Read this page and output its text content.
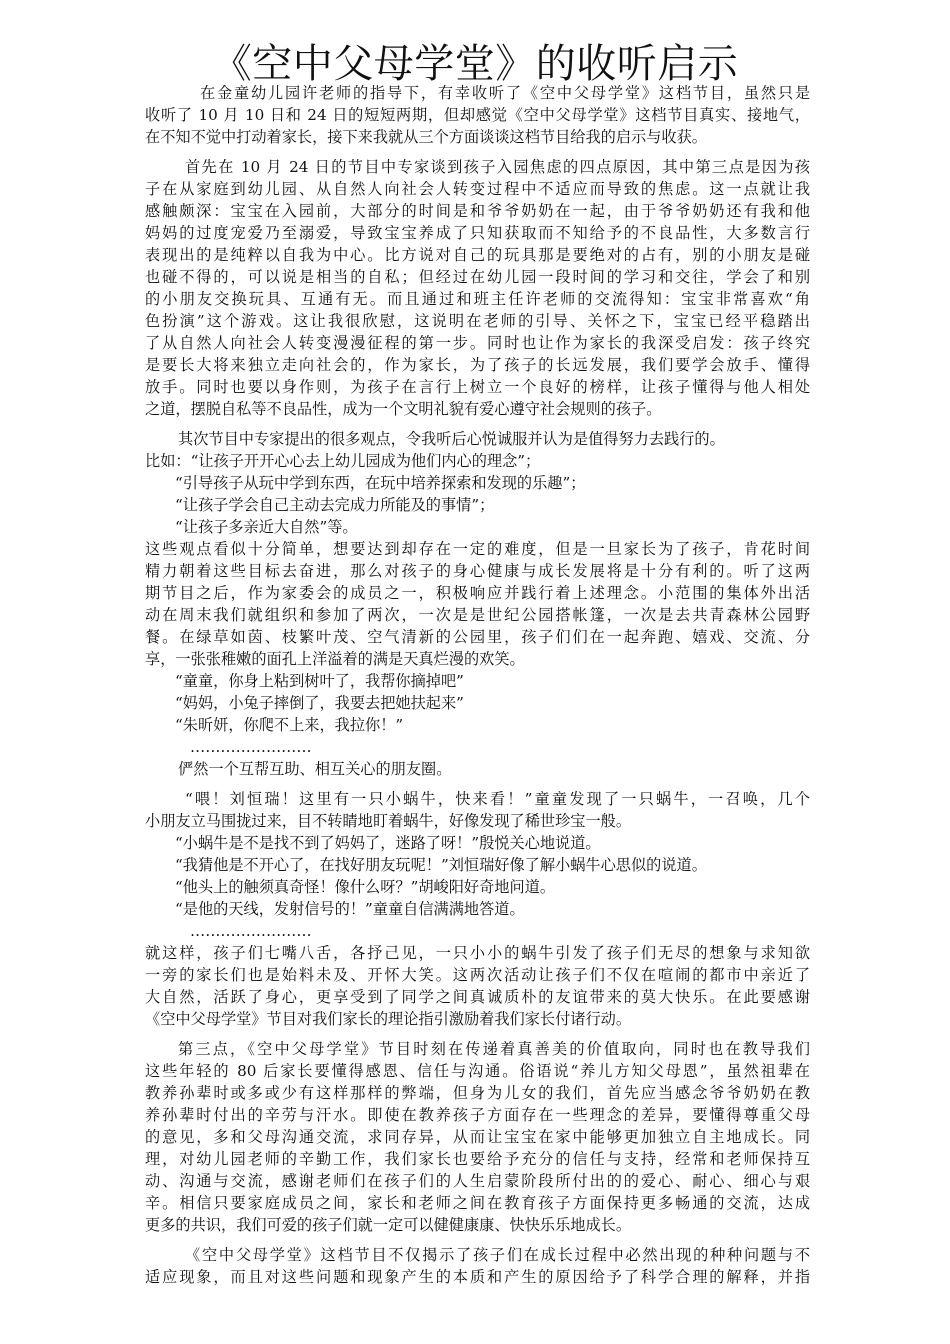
《空中父母学堂》的收听启示
在金童幼儿园许老师的指导下，有幸收听了《空中父母学堂》这档节目，虽然只是
收听了 10 月 10 日和 24 日的短短两期，但却感觉《空中父母学堂》这档节目真实、接地气，
在不知不觉中打动着家长，接下来我就从三个方面谈谈这档节目给我的启示与收获。
首先在 10 月 24 日的节目中专家谈到孩子入园焦虑的四点原因，其中第三点是因为孩
子在从家庭到幼儿园、从自然人向社会人转变过程中不适应而导致的焦虑。这一点就让我
感触颇深：宝宝在入园前，大部分的时间是和爷爷奶奶在一起，由于爷爷奶奶还有我和他
妈妈的过度宠爱乃至溺爱，导致宝宝养成了只知获取而不知给予的不良品性，大多数言行
表现出的是纯粹以自我为中心。比方说对自己的玩具那是要绝对的占有，别的小朋友是碰
也碰不得的，可以说是相当的自私；但经过在幼儿园一段时间的学习和交往，学会了和别
的小朋友交换玩具、互通有无。而且通过和班主任许老师的交流得知：宝宝非常喜欢“角
色扮演”这个游戏。这让我很欣慰，这说明在老师的引导、关怀之下，宝宝已经平稳踏出
了从自然人向社会人转变漫漫征程的第一步。同时也让作为家长的我深受启发：孩子终究
是要长大将来独立走向社会的，作为家长，为了孩子的长远发展，我们要学会放手、懂得
放手。同时也要以身作则，为孩子在言行上树立一个良好的榜样，让孩子懂得与他人相处
之道，摆脱自私等不良品性，成为一个文明礼貌有爱心遵守社会规则的孩子。
其次节目中专家提出的很多观点，令我听后心悦诚服并认为是值得努力去践行的。
比如：“让孩子开开心心去上幼儿园成为他们内心的理念”；
“引导孩子从玩中学到东西，在玩中培养探索和发现的乐趣”；
“让孩子学会自己主动去完成力所能及的事情”；
“让孩子多亲近大自然”等。
这些观点看似十分简单，想要达到却存在一定的难度，但是一旦家长为了孩子，肯花时间
精力朝着这些目标去奋进，那么对孩子的身心健康与成长发展将是十分有利的。听了这两
期节目之后，作为家委会的成员之一，积极响应并践行着上述理念。小范围的集体外出活
动在周末我们就组织和参加了两次，一次是是世纪公园搭帐篷，一次是去共青森林公园野
餐。在绿草如茵、枝繁叶茂、空气清新的公园里，孩子们们在一起奔跑、嬉戏、交流、分
享，一张张稚嫩的面孔上洋溢着的满是天真烂漫的欢笑。
“童童，你身上粘到树叶了，我帮你摘掉吧”
“妈妈，小兔子摔倒了，我要去把她扶起来”
“朱昕妍，你爬不上来，我拉你！”
……………………
俨然一个互帮互助、相互关心的朋友圈。
“喂！刘恒瑞！这里有一只小蜗牛，快来看！”童童发现了一只蜗牛，一召唤，几个
小朋友立马围拢过来，目不转睛地盯着蜗牛，好像发现了稀世珍宝一般。
“小蜗牛是不是找不到了妈妈了，迷路了呀！”殷悦关心地说道。
“我猜他是不开心了，在找好朋友玩呢！”刘恒瑞好像了解小蜗牛心思似的说道。
“他头上的触须真奇怪！像什么呀？”胡峻阳好奇地问道。
“是他的天线，发射信号的！”童童自信满满地答道。
……………………
就这样，孩子们七嘴八舌，各抒己见，一只小小的蜗牛引发了孩子们无尽的想象与求知欲
一旁的家长们也是始料未及、开怀大笑。这两次活动让孩子们不仅在喧闹的都市中亲近了
大自然，活跃了身心，更享受到了同学之间真诚质朴的友谊带来的莫大快乐。在此要感谢
《空中父母学堂》节目对我们家长的理论指引激励着我们家长付诸行动。
第三点，《空中父母学堂》节目时刻在传递着真善美的价值取向，同时也在教导我们
这些年轻的 80 后家长要懂得感恩、信任与沟通。俗语说“养儿方知父母恩”，虽然祖辈在
教养孙辈时或多或少有这样那样的弊端，但身为儿女的我们，首先应当感念爷爷奶奶在教
养孙辈时付出的辛劳与汗水。即使在教养孩子方面存在一些理念的差异，要懂得尊重父母
的意见，多和父母沟通交流，求同存异，从而让宝宝在家中能够更加独立自主地成长。同
理，对幼儿园老师的辛勤工作，我们家长也要给予充分的信任与支持，经常和老师保持互
动、沟通与交流，感谢老师们在孩子们的人生启蒙阶段所付出的的爱心、耐心、细心与艰
辛。相信只要家庭成员之间，家长和老师之间在教育孩子方面保持更多畅通的交流，达成
更多的共识，我们可爱的孩子们就一定可以健健康康、快快乐乐地成长。
《空中父母学堂》这档节目不仅揭示了孩子们在成长过程中必然出现的种种问题与不
适应现象，而且对这些问题和现象产生的本质和产生的原因给予了科学合理的解释，并指
